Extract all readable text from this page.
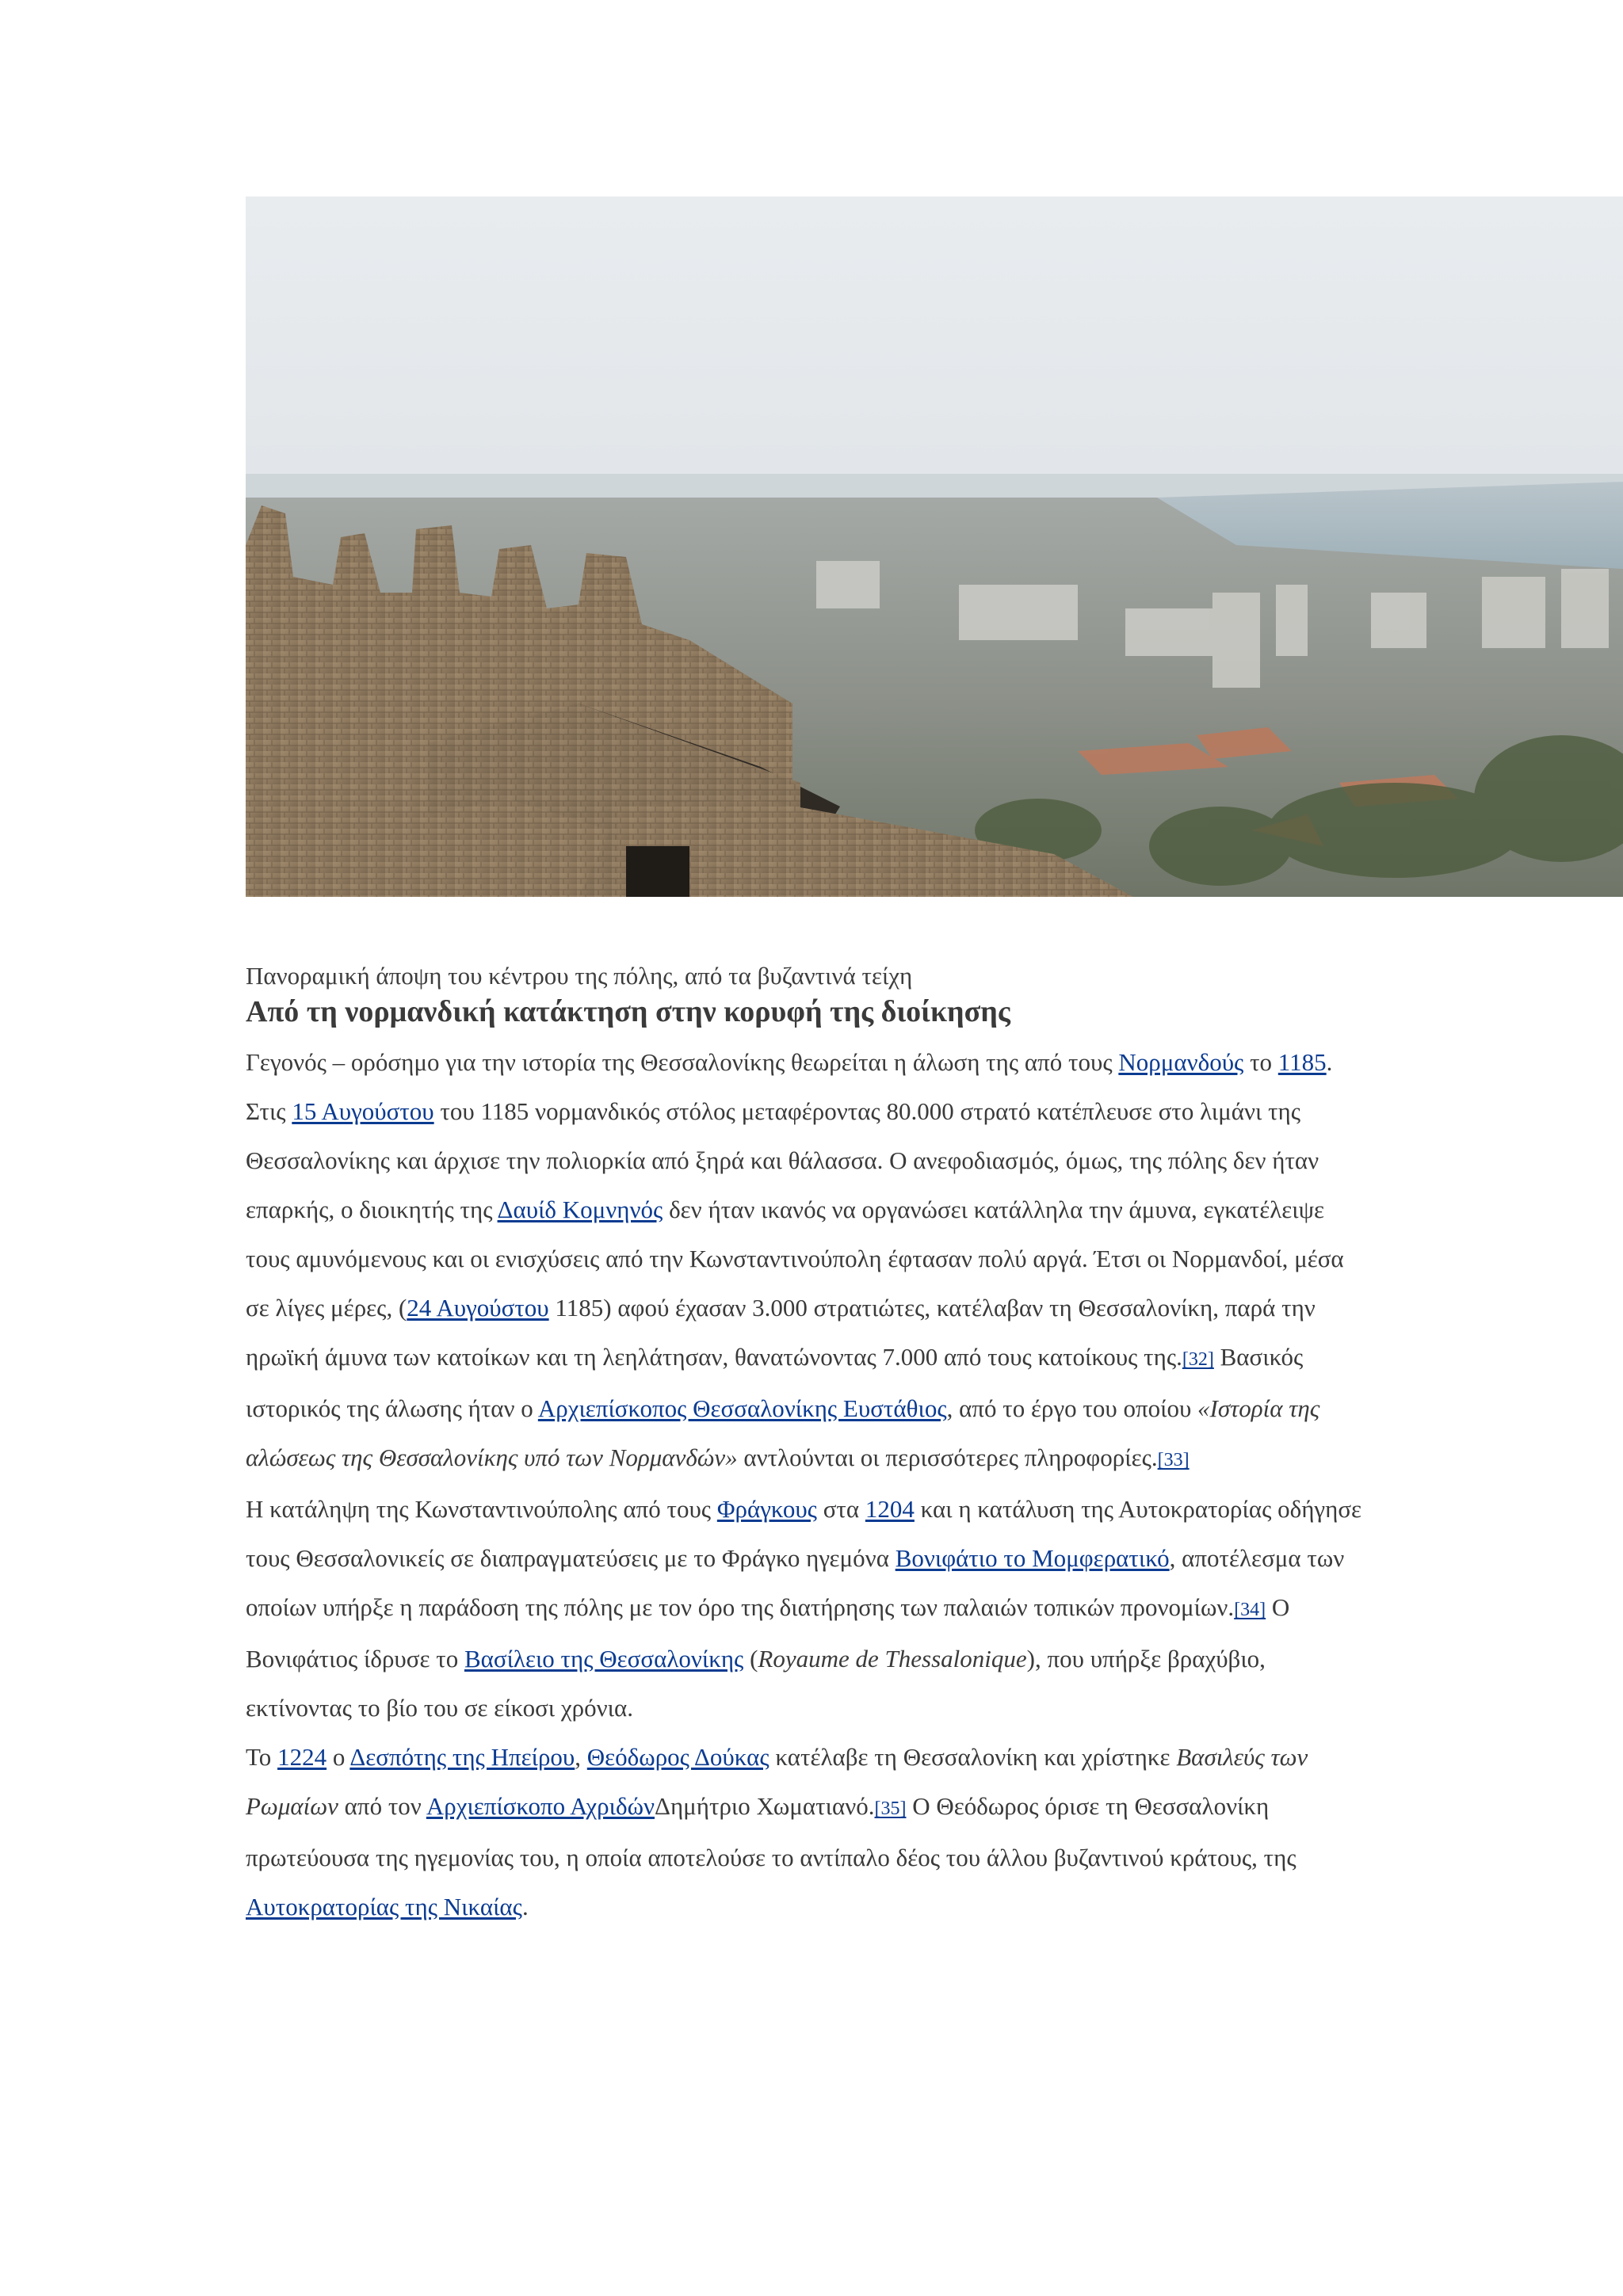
Πανοραμική άποψη του κέντρου της πόλης, από τα βυζαντινά τείχη

Από τη νορμανδική κατάκτηση στην κορυφή της διοίκησης

Γεγονός – ορόσημο για την ιστορία της Θεσσαλονίκης θεωρείται η άλωση της από τους Νορμανδούς το 1185. Στις 15 Αυγούστου του 1185 νορμανδικός στόλος μεταφέροντας 80.000 στρατό κατέπλευσε στο λιμάνι της Θεσσαλονίκης και άρχισε την πολιορκία από ξηρά και θάλασσα. Ο ανεφοδιασμός, όμως, της πόλης δεν ήταν επαρκής, ο διοικητής της Δαυίδ Κομνηνός δεν ήταν ικανός να οργανώσει κατάλληλα την άμυνα, εγκατέλειψε τους αμυνόμενους και οι ενισχύσεις από την Κωνσταντινούπολη έφτασαν πολύ αργά. Έτσι οι Νορμανδοί, μέσα σε λίγες μέρες, (24 Αυγούστου 1185) αφού έχασαν 3.000 στρατιώτες, κατέλαβαν τη Θεσσαλονίκη, παρά την ηρωϊκή άμυνα των κατοίκων και τη λεηλάτησαν, θανατώνοντας 7.000 από τους κατοίκους της.[32] Βασικός ιστορικός της άλωσης ήταν ο Αρχιεπίσκοπος Θεσσαλονίκης Ευστάθιος, από το έργο του οποίου «Ιστορία της αλώσεως της Θεσσαλονίκης υπό των Νορμανδών» αντλούνται οι περισσότερες πληροφορίες.[33]

Η κατάληψη της Κωνσταντινούπολης από τους Φράγκους στα 1204 και η κατάλυση της Αυτοκρατορίας οδήγησε τους Θεσσαλονικείς σε διαπραγματεύσεις με το Φράγκο ηγεμόνα Βονιφάτιο το Μομφερατικό, αποτέλεσμα των οποίων υπήρξε η παράδοση της πόλης με τον όρο της διατήρησης των παλαιών τοπικών προνομίων.[34] Ο Βονιφάτιος ίδρυσε το Βασίλειο της Θεσσαλονίκης (Royaume de Thessalonique), που υπήρξε βραχύβιο, εκτίνοντας το βίο του σε είκοσι χρόνια.

Το 1224 ο Δεσπότης της Ηπείρου, Θεόδωρος Δούκας κατέλαβε τη Θεσσαλονίκη και χρίστηκε Βασιλεύς των Ρωμαίων από τον Αρχιεπίσκοπο ΑχριδώνΔημήτριο Χωματιανό.[35] Ο Θεόδωρος όρισε τη Θεσσαλονίκη πρωτεύουσα της ηγεμονίας του, η οποία αποτελούσε το αντίπαλο δέος του άλλου βυζαντινού κράτους, της Αυτοκρατορίας της Νικαίας.
